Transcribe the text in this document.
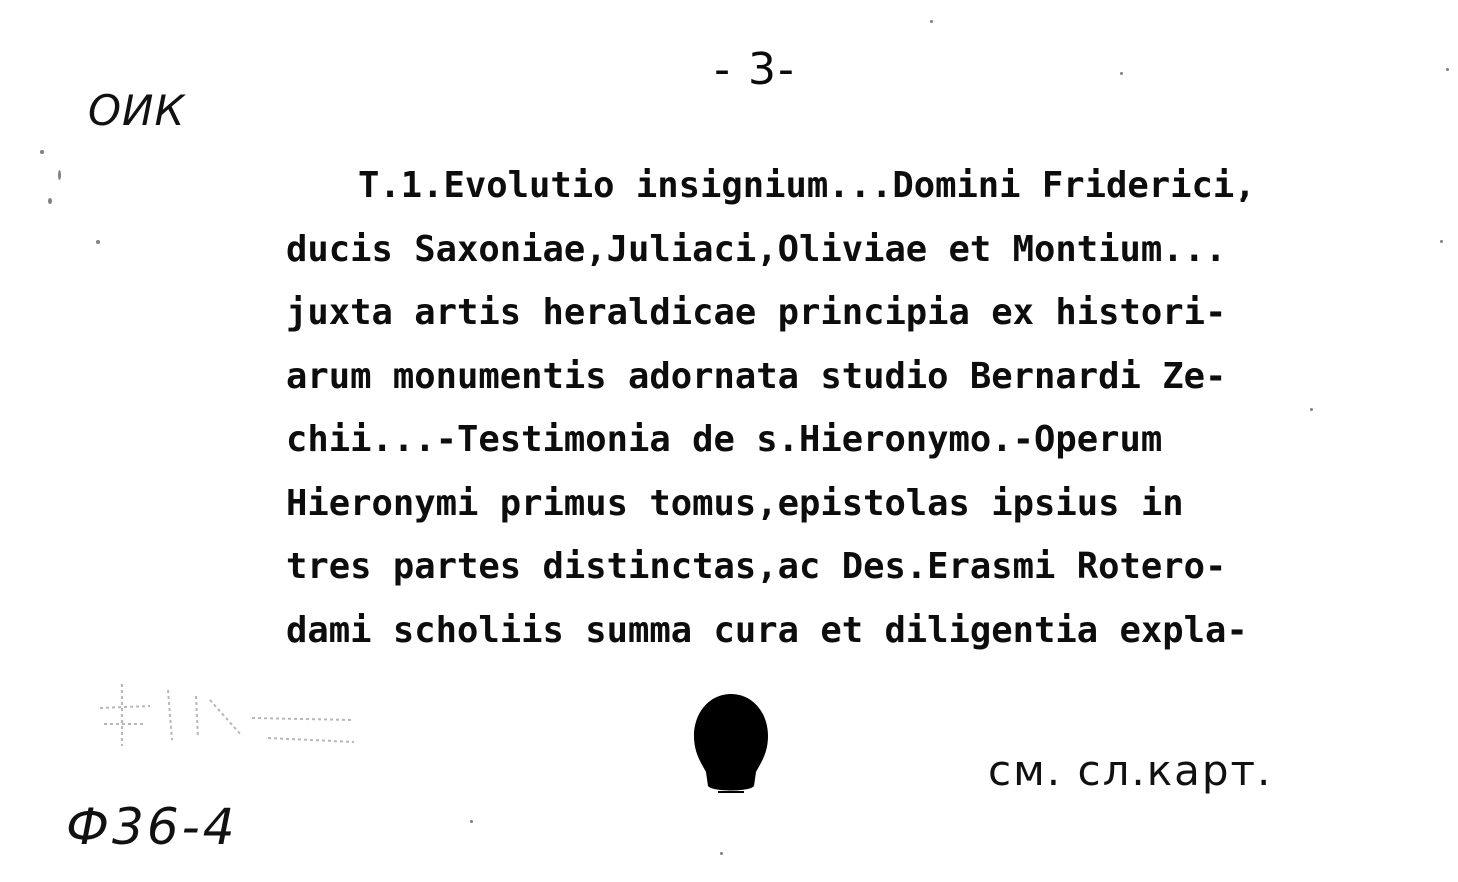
- 3-
ОИК
Ф36-4
см. сл.карт.
T.1.Evolutio insignium...Domini Friderici,
ducis Saxoniae,Juliaci,Oliviae et Montium...
juxta artis heraldicae principia ex histori-
arum monumentis adornata studio Bernardi Ze-
chii...-Testimonia de s.Hieronymo.-Operum
Hieronymi primus tomus,epistolas ipsius in
tres partes distinctas,ac Des.Erasmi Rotero-
dami scholiis summa cura et diligentia expla-
